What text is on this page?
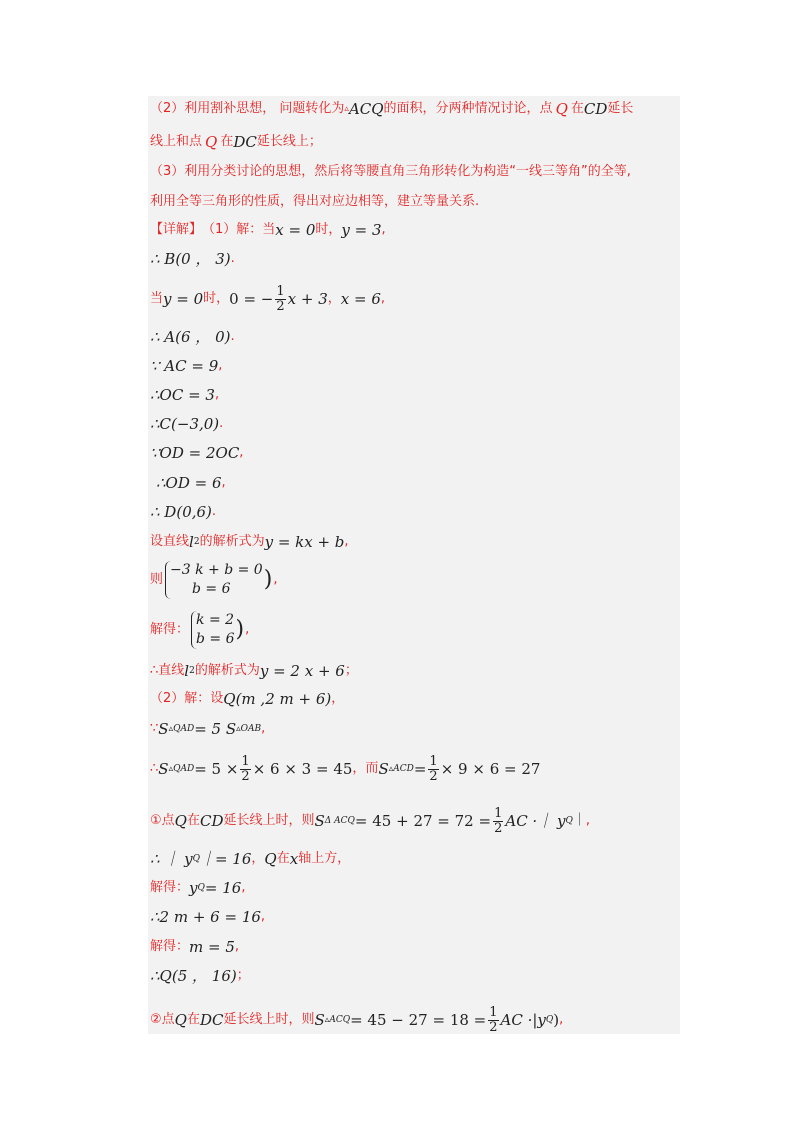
（2）利用割补思想， 问题转化为 ▵ ACQ 的面积，分两种情况讨论，点 Q 在 CD 延长
线上和点 Q 在 DC 延长线上；
（3）利用分类讨论的思想，然后将等腰直角三角形转化为构造“一线三等角”的全等,
利用全等三角形的性质，得出对应边相等，建立等量关系.
【详解】 （1）解：当 x = 0 时， y = 3 ,
∴ B(0 ， 3) .
当 y = 0 时， 0 = − $\frac{1}{2}$ x + 3 ， x = 6 ,
∴ A(6 ， 0) .
∵ AC = 9 ,
∴OC = 3 ,
∴C(−3,0) .
∵OD = 2OC ,
∴OD = 6 ,
∴ D(0,6) .
设直线 l 2 的解析式为 y = kx + b ,
则
−3 k + b = 0
b = 6	) ,
解得：
k = 2
b = 6 ) ,
∴直线 l 2 的解析式为 y = 2 x + 6 ；
（2）解：设 Q(m ,2 m + 6) ，
∵ S ▵QAD = 5 S ▵OAB ,
∴ S ▵QAD = $5 \times \frac{1}{2} \times 6 \times 3 = 45$ ，而 S ▵ACD = $\frac{1}{2} \times 9 \times 6 = 27$
①点 Q 在 CD 延长线上时，则 S Δ ACQ = $45 + 27 = 72 = \frac{1}{2}$ AC ·｜ y Q ｜ ,
∴ ｜ y Q ｜= 16 ， Q 在 x 轴上方，
解得： y Q = 16 ,
∴2 m + 6 = 16 ,
解得： m = 5 ,
∴Q(5 ， 16) ；
②点 Q 在 DC 延长线上时，则 S ▵ACQ = $45 - 27 = 18 = \frac{1}{2}$ AC ·|y Q ) ,
